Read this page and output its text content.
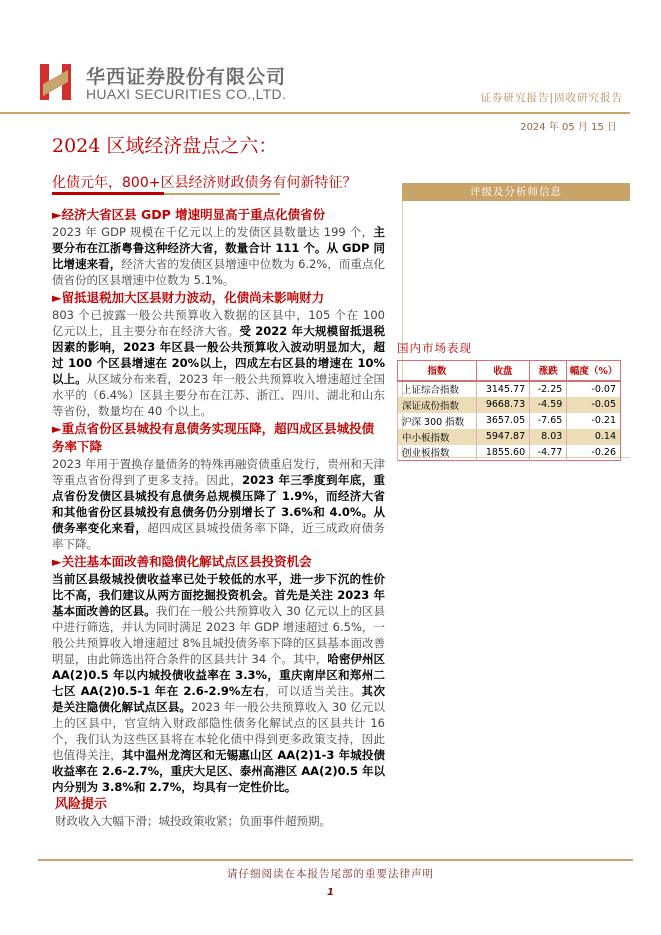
华西证券股份有限公司
HUAXI SECURITIES CO.,LTD.	证券研究报告|固收研究报告
2024 年 05 月 15 日
2024 区域经济盘点之六：
化债元年，800+区县经济财政债务有何新特征？
►经济大省区县 GDP 增速明显高于重点化债省份
2023 年 GDP 规模在千亿元以上的发债区县数量达 199 个，主要分布在江浙粤鲁这种经济大省，数量合计 111 个。从 GDP 同比增速来看，经济大省的发债区县增速中位数为 6.2%，而重点化债省份的区县增速中位数为 5.1%。
►留抵退税加大区县财力波动，化债尚未影响财力
803 个已披露一般公共预算收入数据的区县中，105 个在 100 亿元以上，且主要分布在经济大省。受 2022 年大规模留抵退税因素的影响，2023 年区县一般公共预算收入波动明显加大，超过 100 个区县增速在 20%以上，四成左右区县的增速在 10%以上。从区域分布来看，2023 年一般公共预算收入增速超过全国水平的（6.4%）区县主要分布在江苏、浙江、四川、湖北和山东等省份，数量均在 40 个以上。
►重点省份区县城投有息债务实现压降，超四成区县城投债务率下降
2023 年用于置换存量债务的特殊再融资债重启发行，贵州和天津等重点省份得到了更多支持。因此，2023 年三季度到年底，重点省份发债区县城投有息债务总规模压降了 1.9%，而经济大省和其他省份区县城投有息债务仍分别增长了 3.6%和 4.0%。从债务率变化来看，超四成区县城投债务率下降，近三成政府债务率下降。
►关注基本面改善和隐债化解试点区县投资机会
当前区县级城投债收益率已处于较低的水平，进一步下沉的性价比不高，我们建议从两方面挖掘投资机会。首先是关注 2023 年基本面改善的区县。我们在一般公共预算收入 30 亿元以上的区县中进行筛选，并认为同时满足 2023 年 GDP 增速超过 6.5%，一般公共预算收入增速超过 8%且城投债务率下降的区县基本面改善明显，由此筛选出符合条件的区县共计 34 个。其中，哈密伊州区 AA(2)0.5 年以内城投债收益率在 3.3%，重庆南岸区和郑州二七区 AA(2)0.5-1 年在 2.6-2.9%左右，可以适当关注。其次是关注隐债化解试点区县。2023 年一般公共预算收入 30 亿元以上的区县中，官宣纳入财政部隐性债务化解试点的区县共计 16 个，我们认为这些区县将在本轮化债中得到更多政策支持，因此也值得关注，其中温州龙湾区和无锡惠山区 AA(2)1-3 年城投债收益率在 2.6-2.7%，重庆大足区、泰州高港区 AA(2)0.5 年以内分别为 3.8%和 2.7%，均具有一定性价比。
风险提示
财政收入大幅下滑；城投政策收紧；负面事件超预期。
评级及分析师信息
国内市场表现
指数	收盘	涨跌	幅度（%）
上证综合指数	3145.77	-2.25	-0.07
深证成份指数	9668.73	-4.59	-0.05
沪深 300 指数	3657.05	-7.65	-0.21
中小板指数	5947.87	8.03	0.14
创业板指数	1855.60	-4.77	-0.26
请仔细阅读在本报告尾部的重要法律声明
1
